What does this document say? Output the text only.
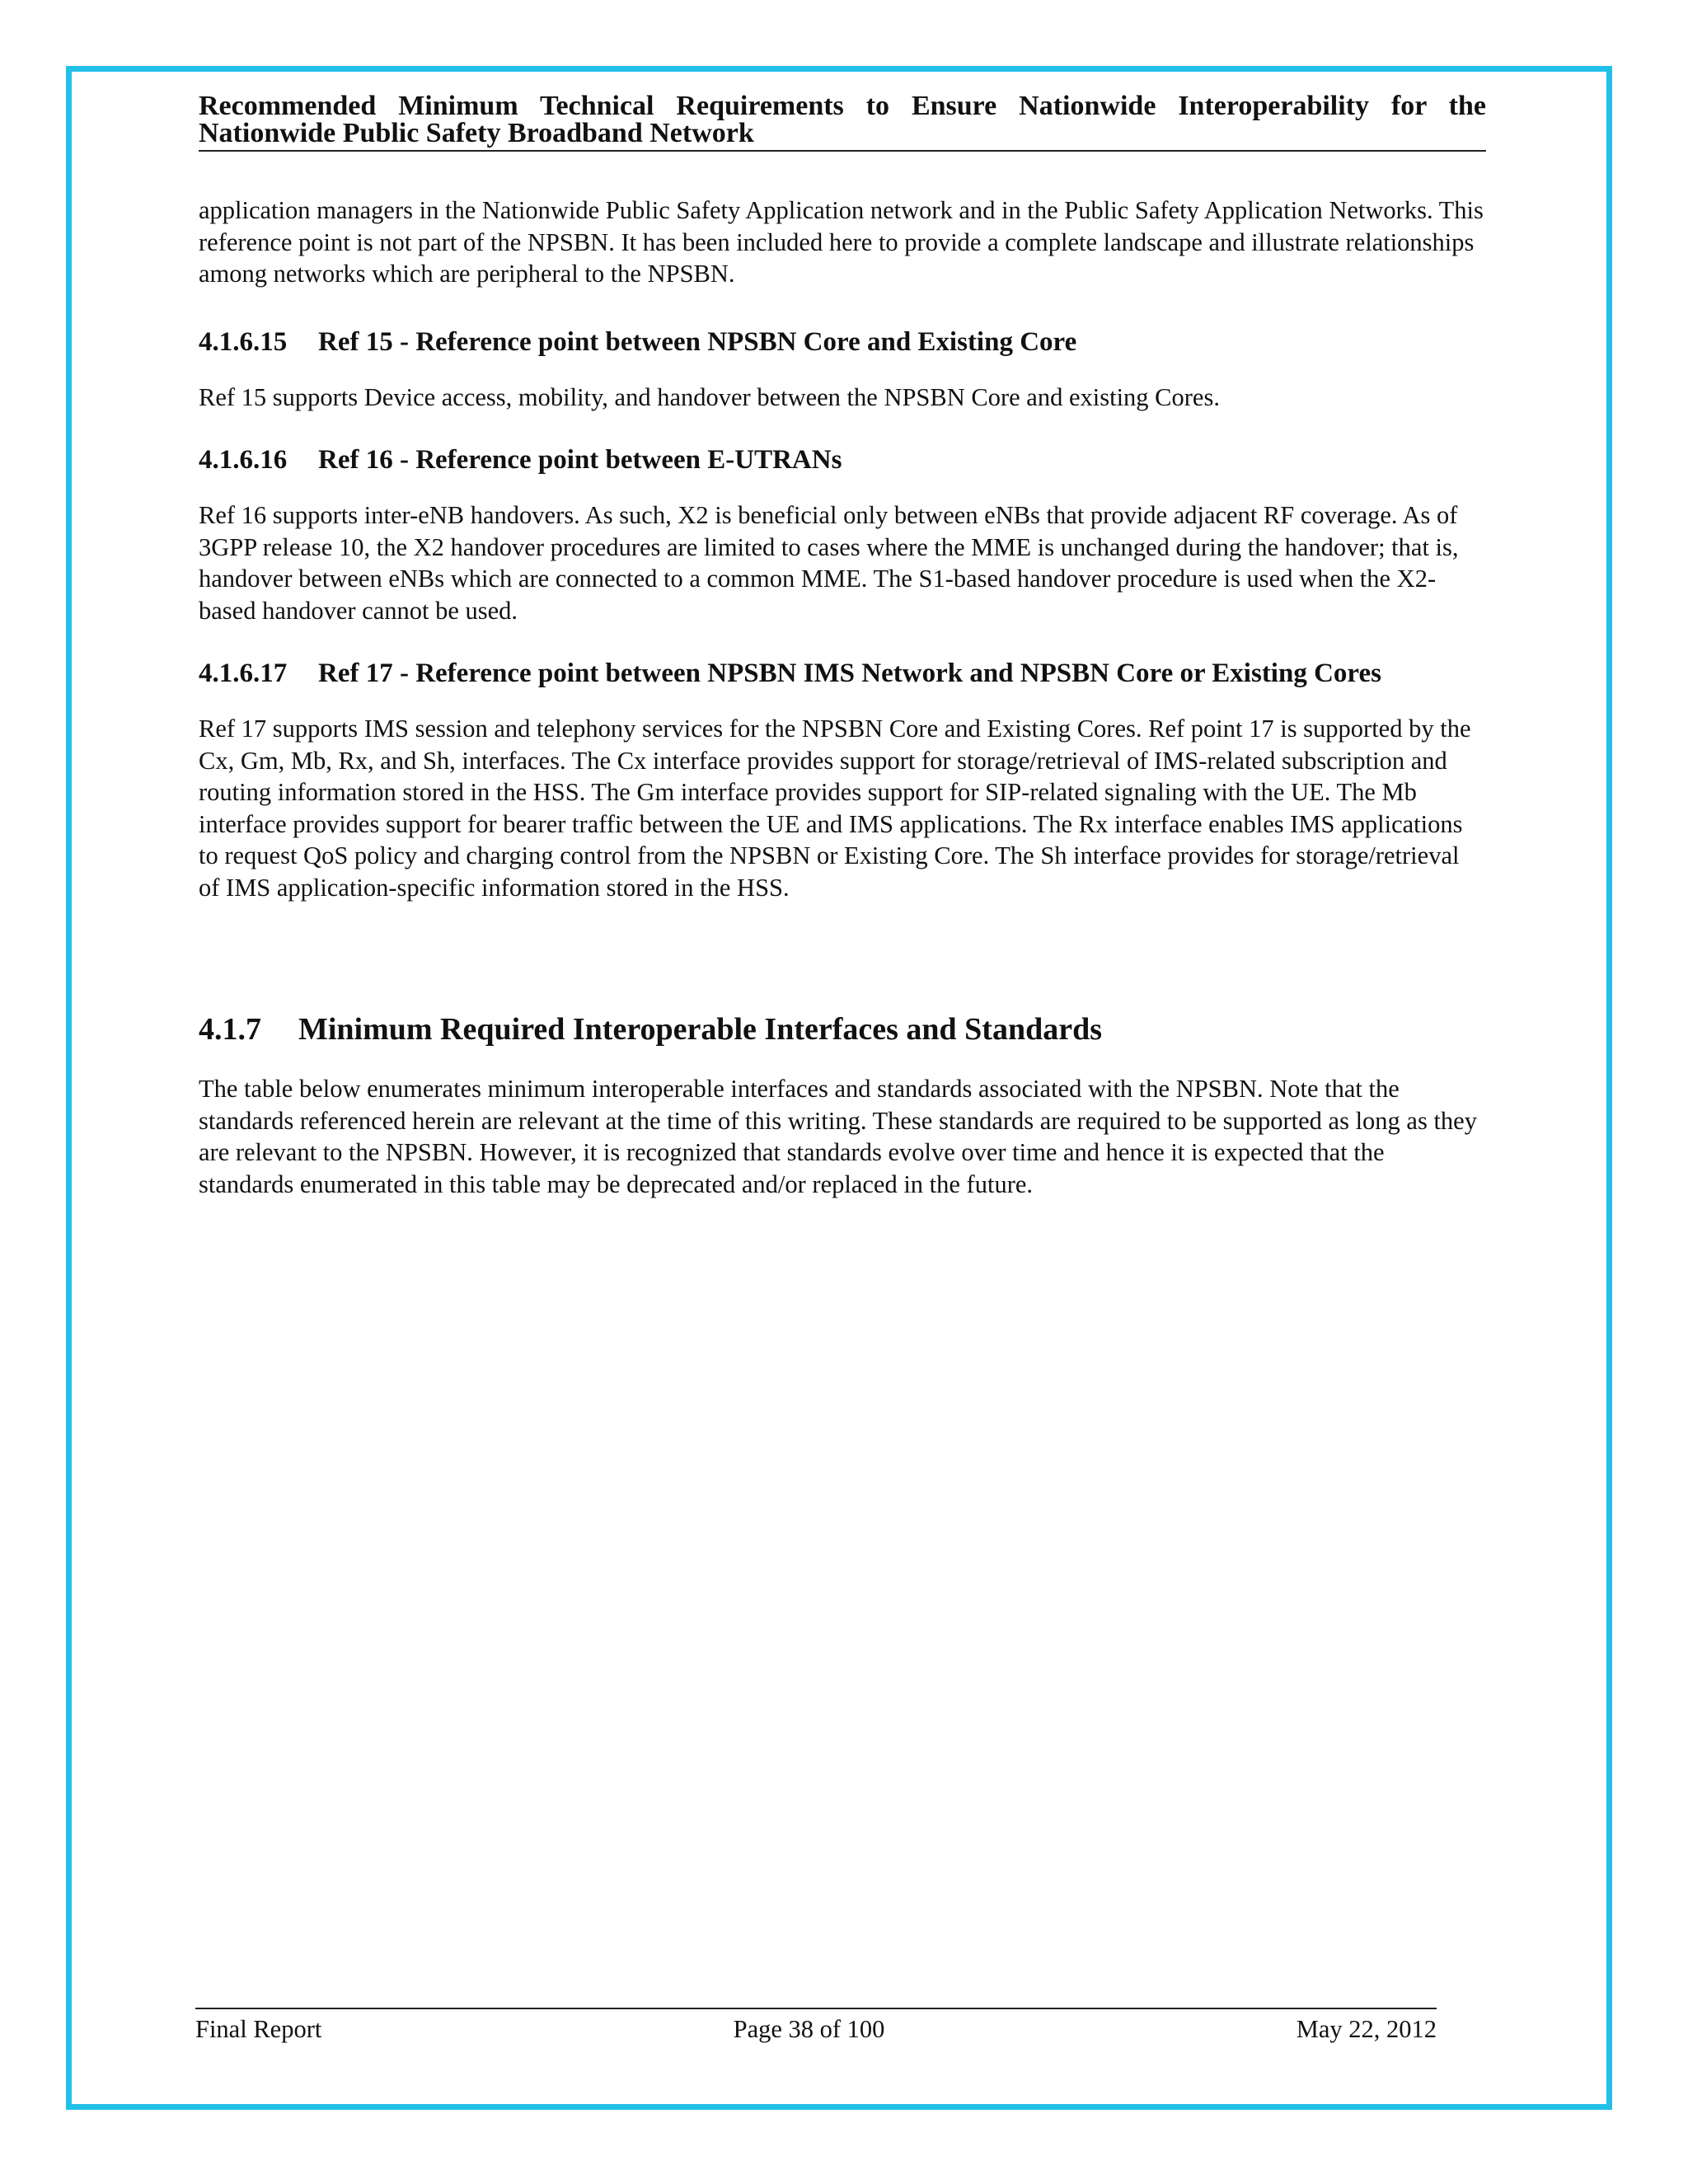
Recommended Minimum Technical Requirements to Ensure Nationwide Interoperability for the Nationwide Public Safety Broadband Network

application managers in the Nationwide Public Safety Application network and in the Public Safety Application Networks. This reference point is not part of the NPSBN. It has been included here to provide a complete landscape and illustrate relationships among networks which are peripheral to the NPSBN.

4.1.6.15	Ref 15 - Reference point between NPSBN Core and Existing Core

Ref 15 supports Device access, mobility, and handover between the NPSBN Core and existing Cores.

4.1.6.16	Ref 16 - Reference point between E-UTRANs

Ref 16 supports inter-eNB handovers. As such, X2 is beneficial only between eNBs that provide adjacent RF coverage. As of 3GPP release 10, the X2 handover procedures are limited to cases where the MME is unchanged during the handover; that is, handover between eNBs which are connected to a common MME. The S1-based handover procedure is used when the X2-based handover cannot be used.

4.1.6.17	Ref 17 - Reference point between NPSBN IMS Network and NPSBN Core or Existing Cores

Ref 17 supports IMS session and telephony services for the NPSBN Core and Existing Cores. Ref point 17 is supported by the Cx, Gm, Mb, Rx, and Sh, interfaces. The Cx interface provides support for storage/retrieval of IMS-related subscription and routing information stored in the HSS. The Gm interface provides support for SIP-related signaling with the UE. The Mb interface provides support for bearer traffic between the UE and IMS applications. The Rx interface enables IMS applications to request QoS policy and charging control from the NPSBN or Existing Core. The Sh interface provides for storage/retrieval of IMS application-specific information stored in the HSS.

4.1.7	Minimum Required Interoperable Interfaces and Standards

The table below enumerates minimum interoperable interfaces and standards associated with the NPSBN. Note that the standards referenced herein are relevant at the time of this writing. These standards are required to be supported as long as they are relevant to the NPSBN. However, it is recognized that standards evolve over time and hence it is expected that the standards enumerated in this table may be deprecated and/or replaced in the future.

Final Report	Page 38 of 100	May 22, 2012
